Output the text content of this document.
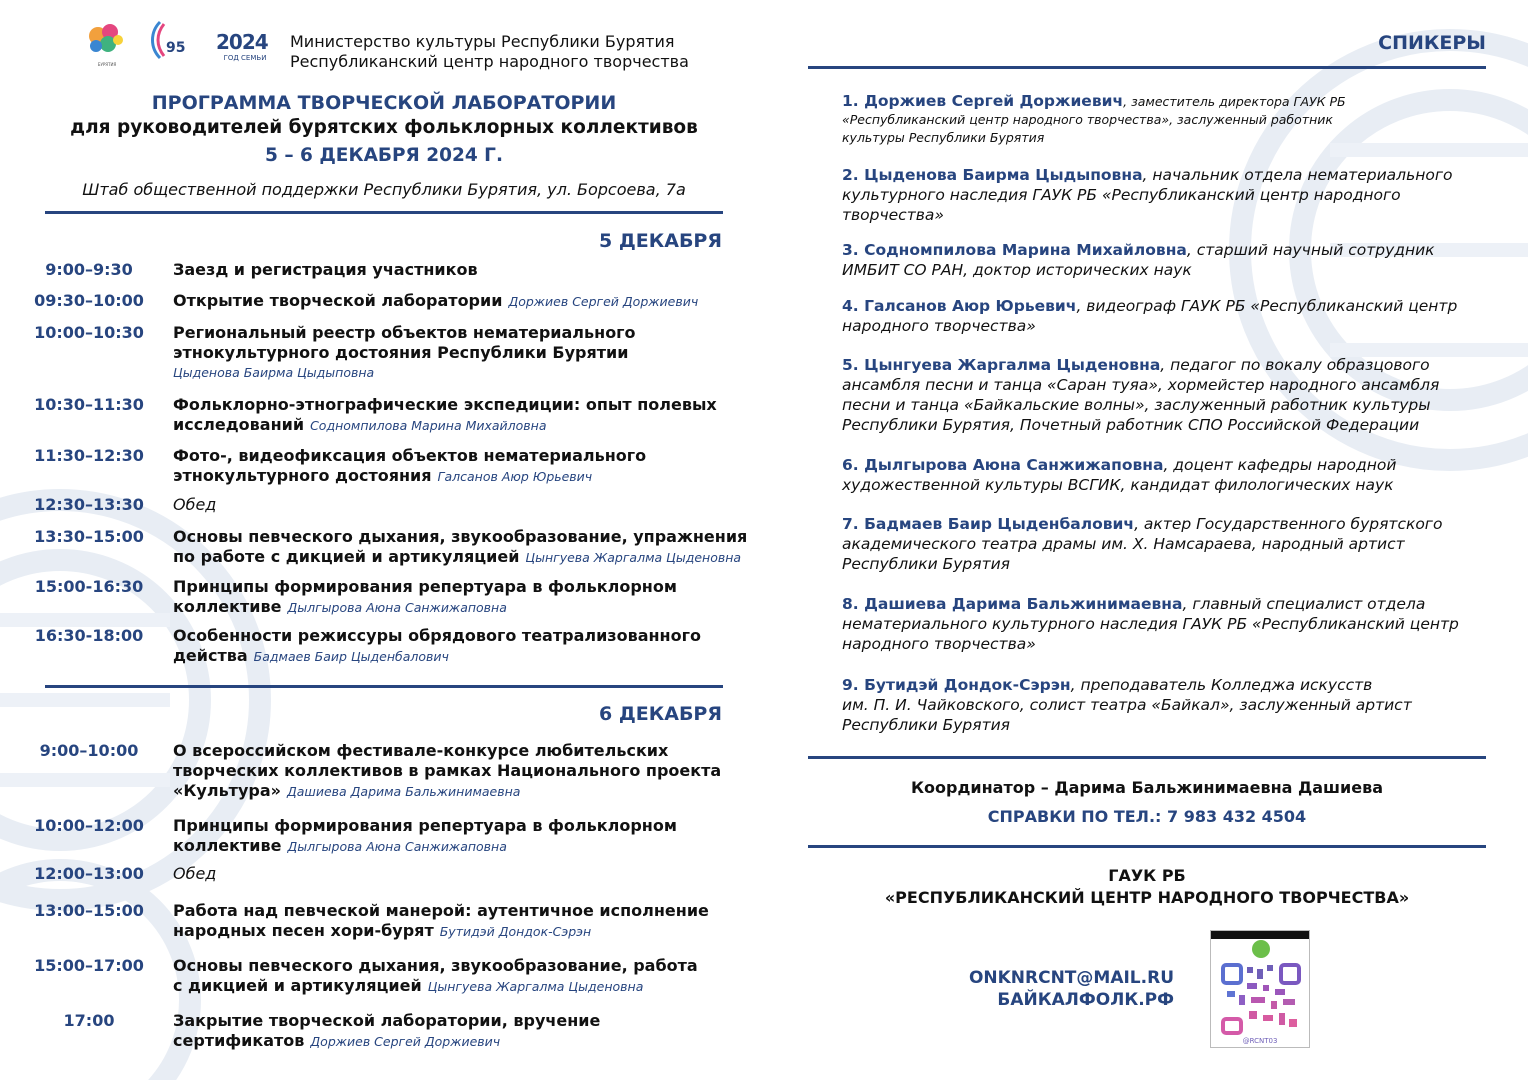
БУРЯТИЯ
95 2024
ГОД СЕМЬИ
Министерство культуры Республики Бурятия
Республиканский центр народного творчества
ПРОГРАММА ТВОРЧЕСКОЙ ЛАБОРАТОРИИ
для руководителей бурятских фольклорных коллективов
5 – 6 ДЕКАБРЯ 2024 Г.
Штаб общественной поддержки Республики Бурятия, ул. Борсоева, 7а
5 ДЕКАБРЯ
9:00–9:30	Заезд и регистрация участников
09:30–10:00 Открытие творческой лаборатории Доржиев Сергей Доржиевич
10:00–10:30 Региональный реестр объектов нематериального
этнокультурного достояния Республики Бурятии
Цыденова Баирма Цыдыповна
10:30–11:30 Фольклорно-этнографические экспедиции: опыт полевых
исследований Содномпилова Марина Михайловна
11:30–12:30 Фото-, видеофиксация объектов нематериального
этнокультурного достояния Галсанов Аюр Юрьевич
12:30–13:30 Обед
13:30–15:00 Основы певческого дыхания, звукообразование, упражнения
по работе с дикцией и артикуляцией Цынгуева Жаргалма Цыденовна
15:00-16:30 Принципы формирования репертуара в фольклорном
коллективе Дылгырова Аюна Санжижаповна
16:30-18:00 Особенности режиссуры обрядового театрализованного
действа Бадмаев Баир Цыденбалович
6 ДЕКАБРЯ
9:00–10:00	О всероссийском фестивале-конкурсе любительских
творческих коллективов в рамках Национального проекта
«Культура» Дашиева Дарима Бальжинимаевна
10:00–12:00 Принципы формирования репертуара в фольклорном
коллективе Дылгырова Аюна Санжижаповна
12:00–13:00 Обед
13:00–15:00 Работа над певческой манерой: аутентичное исполнение
народных песен хори-бурят Бутидэй Дондок-Сэрэн
15:00–17:00 Основы певческого дыхания, звукообразование, работа
с дикцией и артикуляцией Цынгуева Жаргалма Цыденовна
17:00	Закрытие творческой лаборатории, вручение
сертификатов Доржиев Сергей Доржиевич
СПИКЕРЫ
1. Доржиев Сергей Доржиевич, заместитель директора ГАУК РБ
«Республиканский центр народного творчества», заслуженный работник
культуры Республики Бурятия
2. Цыденова Баирма Цыдыповна, начальник отдела нематериального
культурного наследия ГАУК РБ «Республиканский центр народного
творчества»
3. Содномпилова Марина Михайловна, старший научный сотрудник
ИМБИТ СО РАН, доктор исторических наук
4. Галсанов Аюр Юрьевич, видеограф ГАУК РБ «Республиканский центр
народного творчества»
5. Цынгуева Жаргалма Цыденовна, педагог по вокалу образцового
ансамбля песни и танца «Саран туяа», хормейстер народного ансамбля
песни и танца «Байкальские волны», заслуженный работник культуры
Республики Бурятия, Почетный работник СПО Российской Федерации
6. Дылгырова Аюна Санжижаповна, доцент кафедры народной
художественной культуры ВСГИК, кандидат филологических наук
7. Бадмаев Баир Цыденбалович, актер Государственного бурятского
академического театра драмы им. Х. Намсараева, народный артист
Республики Бурятия
8. Дашиева Дарима Бальжинимаевна, главный специалист отдела
нематериального культурного наследия ГАУК РБ «Республиканский центр
народного творчества»
9. Бутидэй Дондок-Сэрэн, преподаватель Колледжа искусств
им. П. И. Чайковского, солист театра «Байкал», заслуженный артист
Республики Бурятия
Координатор – Дарима Бальжинимаевна Дашиева
СПРАВКИ ПО ТЕЛ.: 7 983 432 4504
ГАУК РБ
«РЕСПУБЛИКАНСКИЙ ЦЕНТР НАРОДНОГО ТВОРЧЕСТВА»
ONKNRCNT@MAIL.RU
БАЙКАЛФОЛК.РФ
@RCNT03
